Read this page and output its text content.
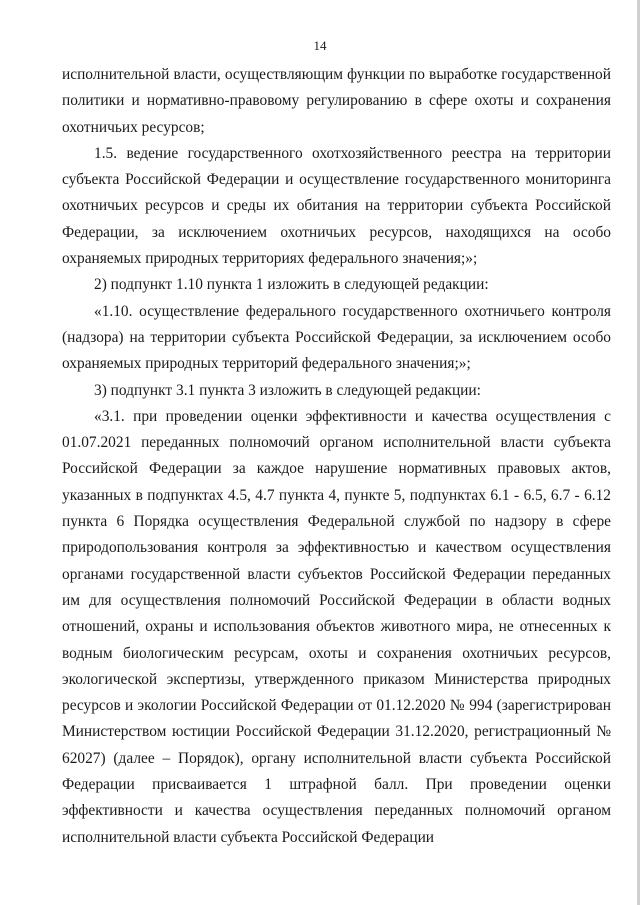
14

исполнительной власти, осуществляющим функции по выработке государственной политики и нормативно-правовому регулированию в сфере охоты и сохранения охотничьих ресурсов;

1.5. ведение государственного охотхозяйственного реестра на территории субъекта Российской Федерации и осуществление государственного мониторинга охотничьих ресурсов и среды их обитания на территории субъекта Российской Федерации, за исключением охотничьих ресурсов, находящихся на особо охраняемых природных территориях федерального значения;»;

2) подпункт 1.10 пункта 1 изложить в следующей редакции:

«1.10. осуществление федерального государственного охотничьего контроля (надзора) на территории субъекта Российской Федерации, за исключением особо охраняемых природных территорий федерального значения;»;

3) подпункт 3.1 пункта 3 изложить в следующей редакции:

«3.1. при проведении оценки эффективности и качества осуществления с 01.07.2021 переданных полномочий органом исполнительной власти субъекта Российской Федерации за каждое нарушение нормативных правовых актов, указанных в подпунктах 4.5, 4.7 пункта 4, пункте 5, подпунктах 6.1 - 6.5, 6.7 - 6.12 пункта 6 Порядка осуществления Федеральной службой по надзору в сфере природопользования контроля за эффективностью и качеством осуществления органами государственной власти субъектов Российской Федерации переданных им для осуществления полномочий Российской Федерации в области водных отношений, охраны и использования объектов животного мира, не отнесенных к водным биологическим ресурсам, охоты и сохранения охотничьих ресурсов, экологической экспертизы, утвержденного приказом Министерства природных ресурсов и экологии Российской Федерации от 01.12.2020 № 994 (зарегистрирован Министерством юстиции Российской Федерации 31.12.2020, регистрационный № 62027) (далее – Порядок), органу исполнительной власти субъекта Российской Федерации присваивается 1 штрафной балл. При проведении оценки эффективности и качества осуществления переданных полномочий органом исполнительной власти субъекта Российской Федерации
